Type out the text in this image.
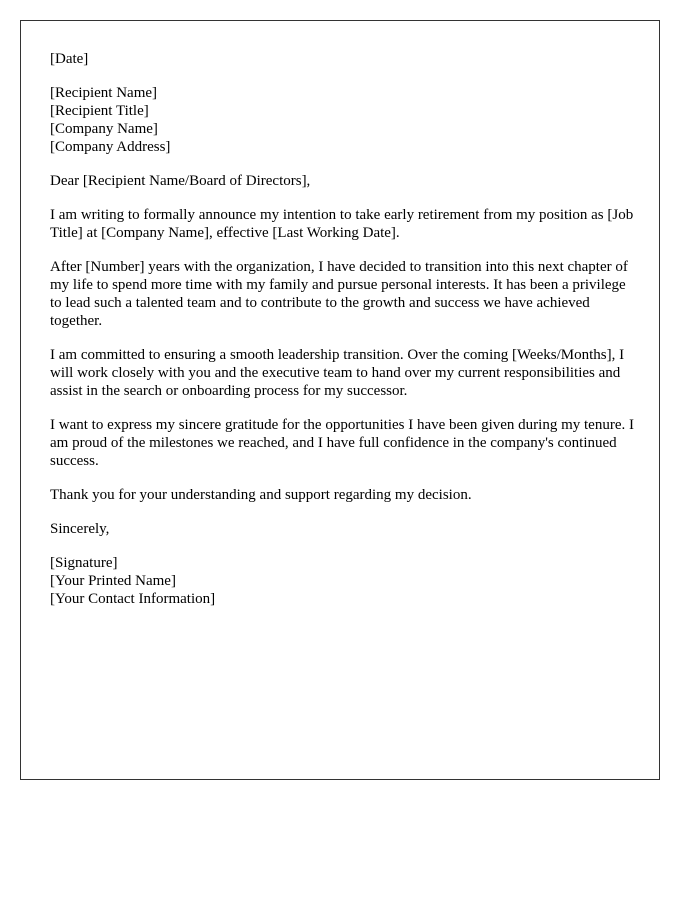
[Date]

[Recipient Name]
[Recipient Title]
[Company Name]
[Company Address]

Dear [Recipient Name/Board of Directors],

I am writing to formally announce my intention to take early retirement from my position as [Job Title] at [Company Name], effective [Last Working Date].

After [Number] years with the organization, I have decided to transition into this next chapter of my life to spend more time with my family and pursue personal interests. It has been a privilege to lead such a talented team and to contribute to the growth and success we have achieved together.

I am committed to ensuring a smooth leadership transition. Over the coming [Weeks/Months], I will work closely with you and the executive team to hand over my current responsibilities and assist in the search or onboarding process for my successor.

I want to express my sincere gratitude for the opportunities I have been given during my tenure. I am proud of the milestones we reached, and I have full confidence in the company's continued success.

Thank you for your understanding and support regarding my decision.

Sincerely,

[Signature]
[Your Printed Name]
[Your Contact Information]
